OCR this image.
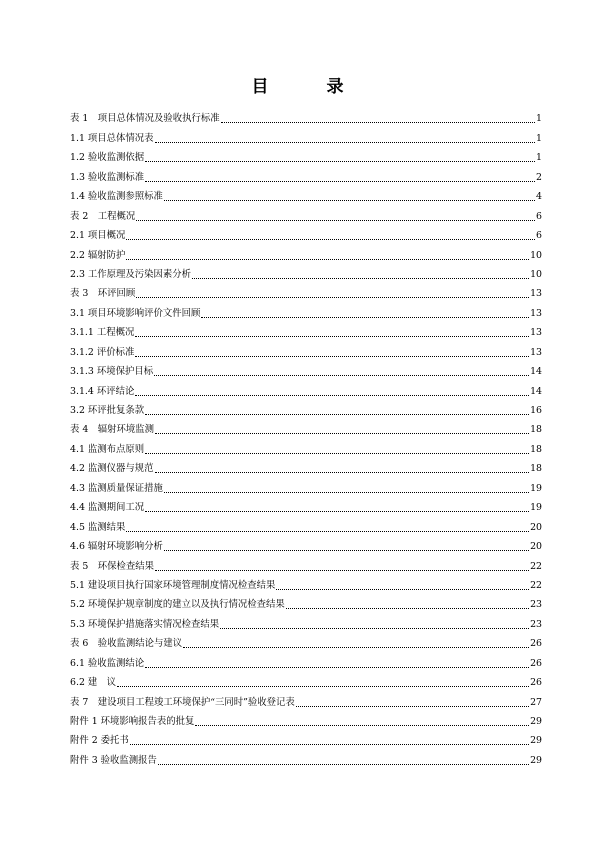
目 录
表 1　项目总体情况及验收执行标准	1
1.1 项目总体情况表	1
1.2 验收监测依据	1
1.3 验收监测标准	2
1.4 验收监测参照标准	4
表 2　工程概况	6
2.1 项目概况	6
2.2 辐射防护	10
2.3 工作原理及污染因素分析	10
表 3　环评回顾	13
3.1 项目环境影响评价文件回顾	13
3.1.1 工程概况	13
3.1.2 评价标准	13
3.1.3 环境保护目标	14
3.1.4 环评结论	14
3.2 环评批复条款	16
表 4　辐射环境监测	18
4.1 监测布点原则	18
4.2 监测仪器与规范	18
4.3 监测质量保证措施	19
4.4 监测期间工况	19
4.5 监测结果	20
4.6 辐射环境影响分析	20
表 5　环保检查结果	22
5.1 建设项目执行国家环境管理制度情况检查结果	22
5.2 环境保护规章制度的建立以及执行情况检查结果	23
5.3 环境保护措施落实情况检查结果	23
表 6　验收监测结论与建议	26
6.1 验收监测结论	26
6.2 建　议	26
表 7　建设项目工程竣工环境保护“三同时”验收登记表	27
附件 1 环境影响报告表的批复	29
附件 2 委托书	29
附件 3 验收监测报告	29
